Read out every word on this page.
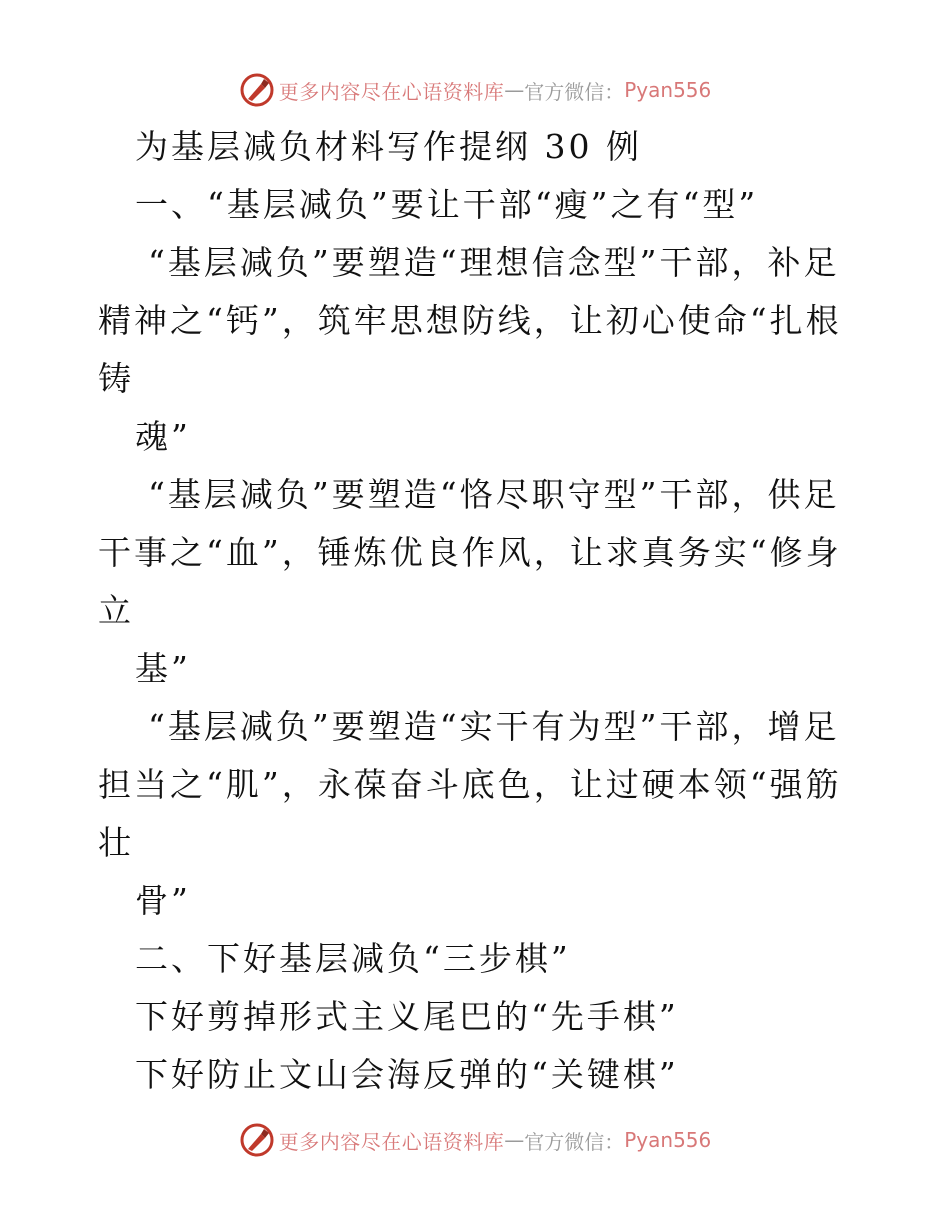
更多内容尽在心语资料库 — 官方微信： Pyan556
为基层减负材料写作提纲 30 例
一、“基层减负”要让干部“瘦”之有“型”
“基层减负”要塑造“理想信念型”干部，补足
精神之“钙”，筑牢思想防线，让初心使命“扎根
铸
魂”
“基层减负”要塑造“恪尽职守型”干部，供足
干事之“血”，锤炼优良作风，让求真务实“修身
立
基”
“基层减负”要塑造“实干有为型”干部，增足
担当之“肌”，永葆奋斗底色，让过硬本领“强筋
壮
骨”
二、下好基层减负“三步棋”
下好剪掉形式主义尾巴的“先手棋”
下好防止文山会海反弹的“关键棋”
更多内容尽在心语资料库 — 官方微信： Pyan556
